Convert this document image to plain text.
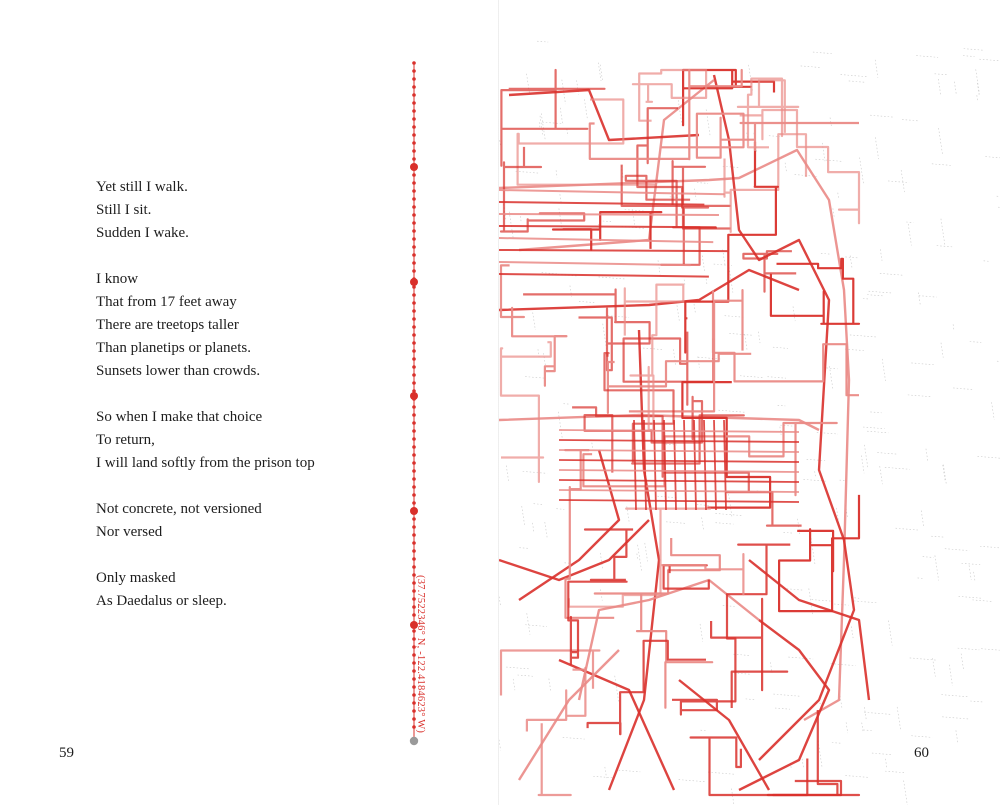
Yet still I walk.
Still I sit.
Sudden I wake.
I know
That from 17 feet away
There are treetops taller
Than planetips or planets.
Sunsets lower than crowds.
So when I make that choice
To return,
I will land softly from the prison top
Not concrete, not versioned
Nor versed
Only masked
As Daedalus or sleep.	(37.7522346° N, -122.4184623° W)
59	60
